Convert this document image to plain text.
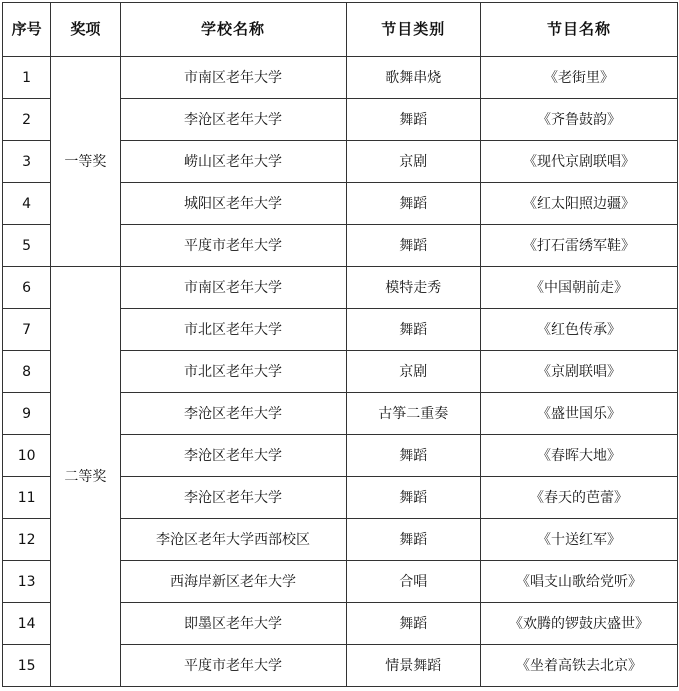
序号	奖项	学校名称	节目类别	节目名称
1	一等奖	市南区老年大学	歌舞串烧	《老街里》
2		李沧区老年大学	舞蹈	《齐鲁鼓韵》
3		崂山区老年大学	京剧	《现代京剧联唱》
4		城阳区老年大学	舞蹈	《红太阳照边疆》
5		平度市老年大学	舞蹈	《打石雷绣军鞋》
6	二等奖	市南区老年大学	模特走秀	《中国朝前走》
7		市北区老年大学	舞蹈	《红色传承》
8		市北区老年大学	京剧	《京剧联唱》
9		李沧区老年大学	古筝二重奏	《盛世国乐》
10		李沧区老年大学	舞蹈	《春晖大地》
11		李沧区老年大学	舞蹈	《春天的芭蕾》
12		李沧区老年大学西部校区	舞蹈	《十送红军》
13		西海岸新区老年大学	合唱	《唱支山歌给党听》
14		即墨区老年大学	舞蹈	《欢腾的锣鼓庆盛世》
15		平度市老年大学	情景舞蹈	《坐着高铁去北京》
